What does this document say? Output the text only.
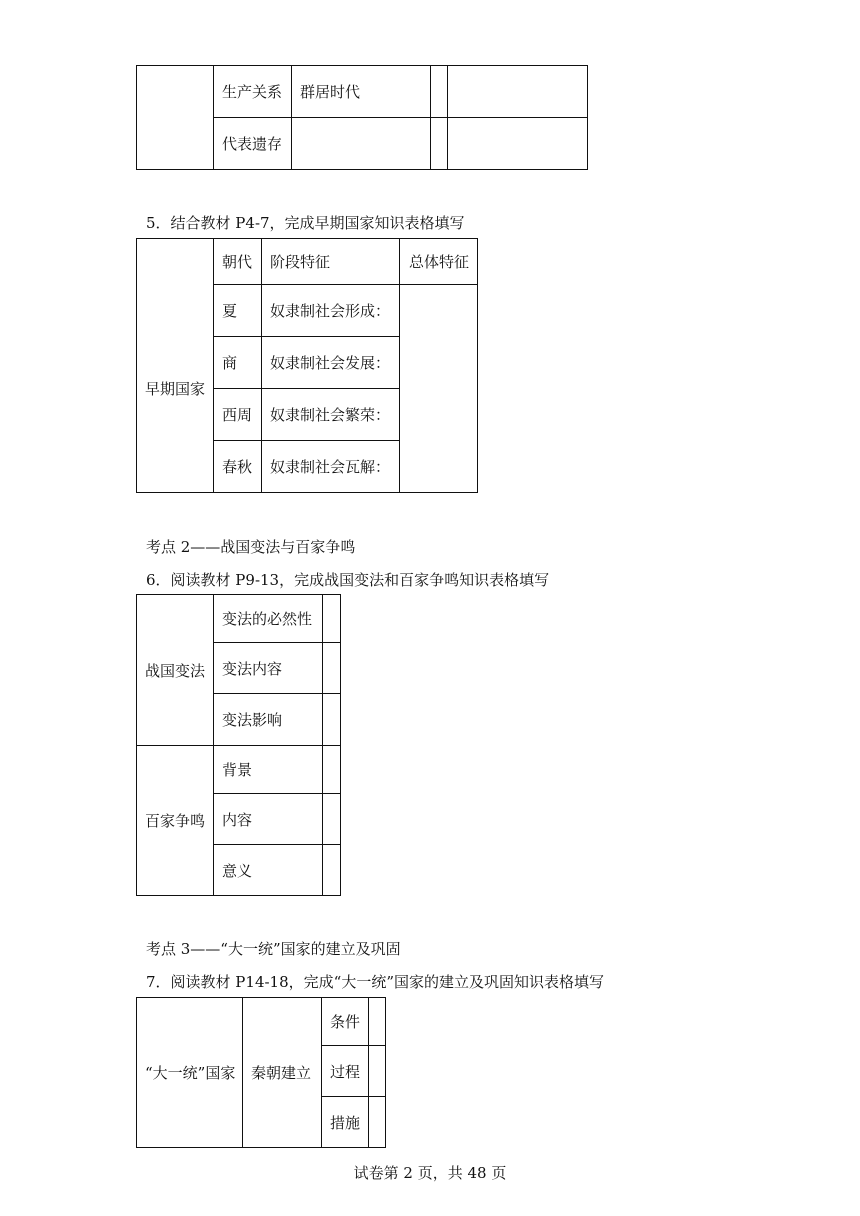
生产关系 群居时代
代表遗存
5．结合教材 P4-7，完成早期国家知识表格填写
朝代 阶段特征	总体特征
早期国家
夏 奴隶制社会形成：
商 奴隶制社会发展：
西周 奴隶制社会繁荣：
春秋 奴隶制社会瓦解：
考点 2——战国变法与百家争鸣
6．阅读教材 P9-13，完成战国变法和百家争鸣知识表格填写
战国变法
变法的必然性
变法内容
变法影响
百家争鸣
背景
内容
意义
考点 3——“大一统”国家的建立及巩固
7．阅读教材 P14-18，完成“大一统”国家的建立及巩固知识表格填写
“大一统”国家 秦朝建立
条件
过程
措施
试卷第 2 页，共 48 页
